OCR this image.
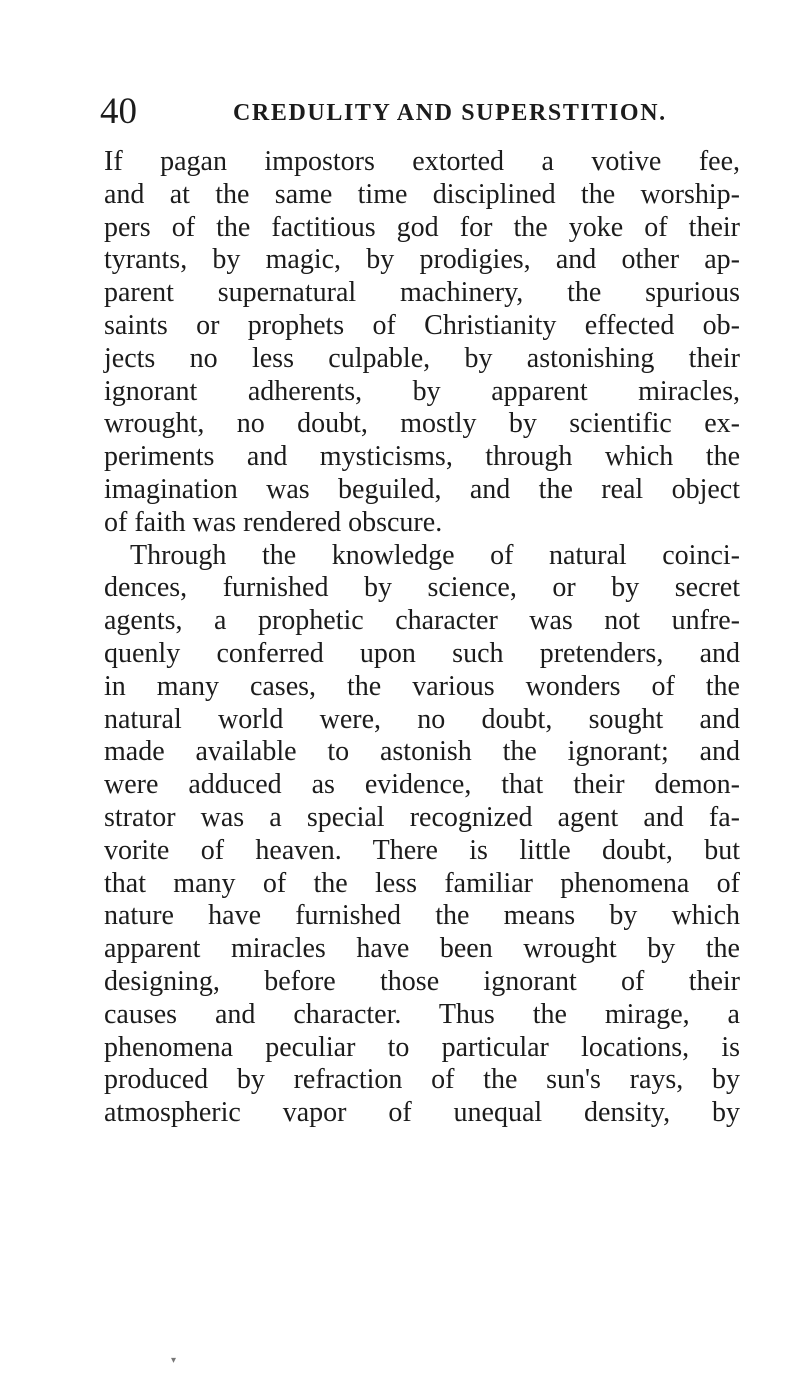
40	CREDULITY AND SUPERSTITION.
If pagan impostors extorted a votive fee,
and at the same time disciplined the worship-
pers of the factitious god for the yoke of their
tyrants, by magic, by prodigies, and other ap-
parent supernatural machinery, the spurious
saints or prophets of Christianity effected ob-
jects no less culpable, by astonishing their
ignorant adherents, by apparent miracles,
wrought, no doubt, mostly by scientific ex-
periments and mysticisms, through which the
imagination was beguiled, and the real object
of faith was rendered obscure.
Through the knowledge of natural coinci-
dences, furnished by science, or by secret
agents, a prophetic character was not unfre-
quenly conferred upon such pretenders, and
in many cases, the various wonders of the
natural world were, no doubt, sought and
made available to astonish the ignorant; and
were adduced as evidence, that their demon-
strator was a special recognized agent and fa-
vorite of heaven. There is little doubt, but
that many of the less familiar phenomena of
nature have furnished the means by which
apparent miracles have been wrought by the
designing, before those ignorant of their
causes and character. Thus the mirage, a
phenomena peculiar to particular locations, is
produced by refraction of the sun's rays, by
atmospheric vapor of unequal density, by
▾
